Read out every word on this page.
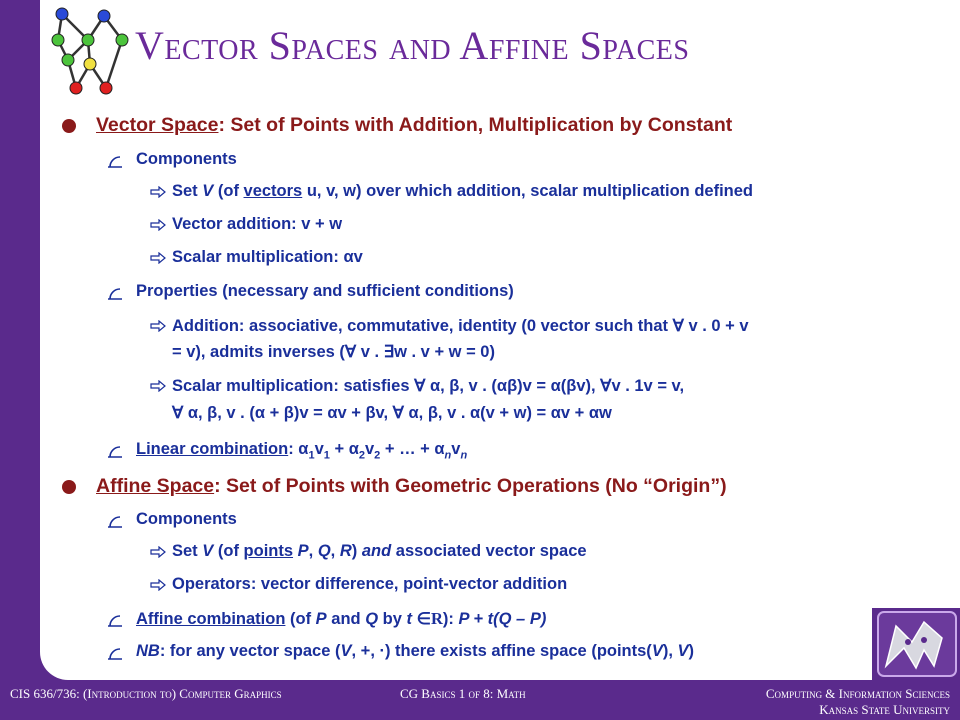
Vector Spaces and Affine Spaces
Vector Space: Set of Points with Addition, Multiplication by Constant
Components
Set V (of vectors u, v, w) over which addition, scalar multiplication defined
Vector addition: v + w
Scalar multiplication: αv
Properties (necessary and sufficient conditions)
Addition: associative, commutative, identity (0 vector such that ∀ v . 0 + v
= v), admits inverses (∀ v . ∃w . v + w = 0)
Scalar multiplication: satisfies ∀ α, β, v . (αβ)v = α(βv), ∀v . 1v = v,
∀ α, β, v . (α + β)v = αv + βv, ∀ α, β, v . α(v + w) = αv + αw
Linear combination: $\alpha_1v_1 + \alpha_2v_2$ + … + $\alpha_nv_n$
Affine Space: Set of Points with Geometric Operations (No “Origin”)
Components
Set V (of points P, Q, R) and associated vector space
Operators: vector difference, point-vector addition
Affine combination (of P and Q by t ∈R): P + t(Q – P)
NB: for any vector space (V, +, ·) there exists affine space (points(V), V)
CIS 636/736: (Introduction to) Computer Graphics	CG Basics 1 of 8: Math	Computing & Information Sciences
Kansas State University
